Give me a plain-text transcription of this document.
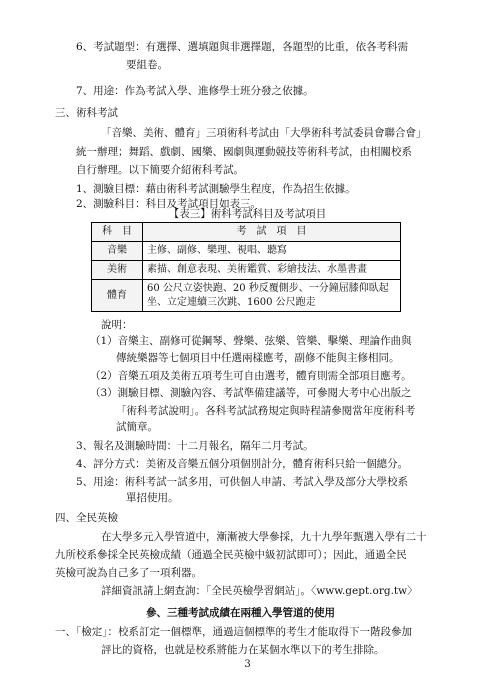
6、考試題型：有選擇、選填題與非選擇題，各題型的比重，依各考科需
要組卷。
7、用途：作為考試入學、進修學士班分發之依據。
三、術科考試
「音樂、美術、體育」三項術科考試由「大學術科考試委員會聯合會」
統一辦理；舞蹈、戲劇、國樂、國劇與運動競技等術科考試，由相關校系
自行辦理。以下簡要介紹術科考試。
1、測驗目標：藉由術科考試測驗學生程度，作為招生依據。
2、測驗科目：科目及考試項目如表三。
【表三】術科考試科目及考試項目
科　目	考　試　項　目
音樂	主修、副修、樂理、視唱、聽寫
美術	素描、創意表現、美術鑑賞、彩繪技法、水墨書畫
體育	60 公尺立姿快跑、20 秒反覆側步、一分鐘屈膝仰臥起坐、立定連續三次跳、1600 公尺跑走
說明：
（1）音樂主、副修可從鋼琴、聲樂、弦樂、管樂、擊樂、理論作曲與
傳統樂器等七個項目中任選兩樣應考，副修不能與主修相同。
（2）音樂五項及美術五項考生可自由選考，體育則需全部項目應考。
（3）測驗目標、測驗內容、考試準備建議等，可參閱大考中心出版之
「術科考試說明」。各科考試試務規定與時程請參閱當年度術科考
試簡章。
3、報名及測驗時間：十二月報名，隔年二月考試。
4、評分方式：美術及音樂五個分項個別計分，體育術科只給一個總分。
5、用途：術科考試一試多用，可供個人申請、考試入學及部分大學校系
單招使用。
四、全民英檢
在大學多元入學管道中，漸漸被大學參採，九十九學年甄選入學有二十
九所校系參採全民英檢成績（通過全民英檢中級初試即可）；因此，通過全民
英檢可說為自己多了一項利器。
詳細資訊請上網查詢：「全民英檢學習網站」。〈www.gept.org.tw〉
參、三種考試成績在兩種入學管道的使用
一、「檢定」：校系訂定一個標準，通過這個標準的考生才能取得下一階段參加
評比的資格，也就是校系將能力在某個水準以下的考生排除。
3
